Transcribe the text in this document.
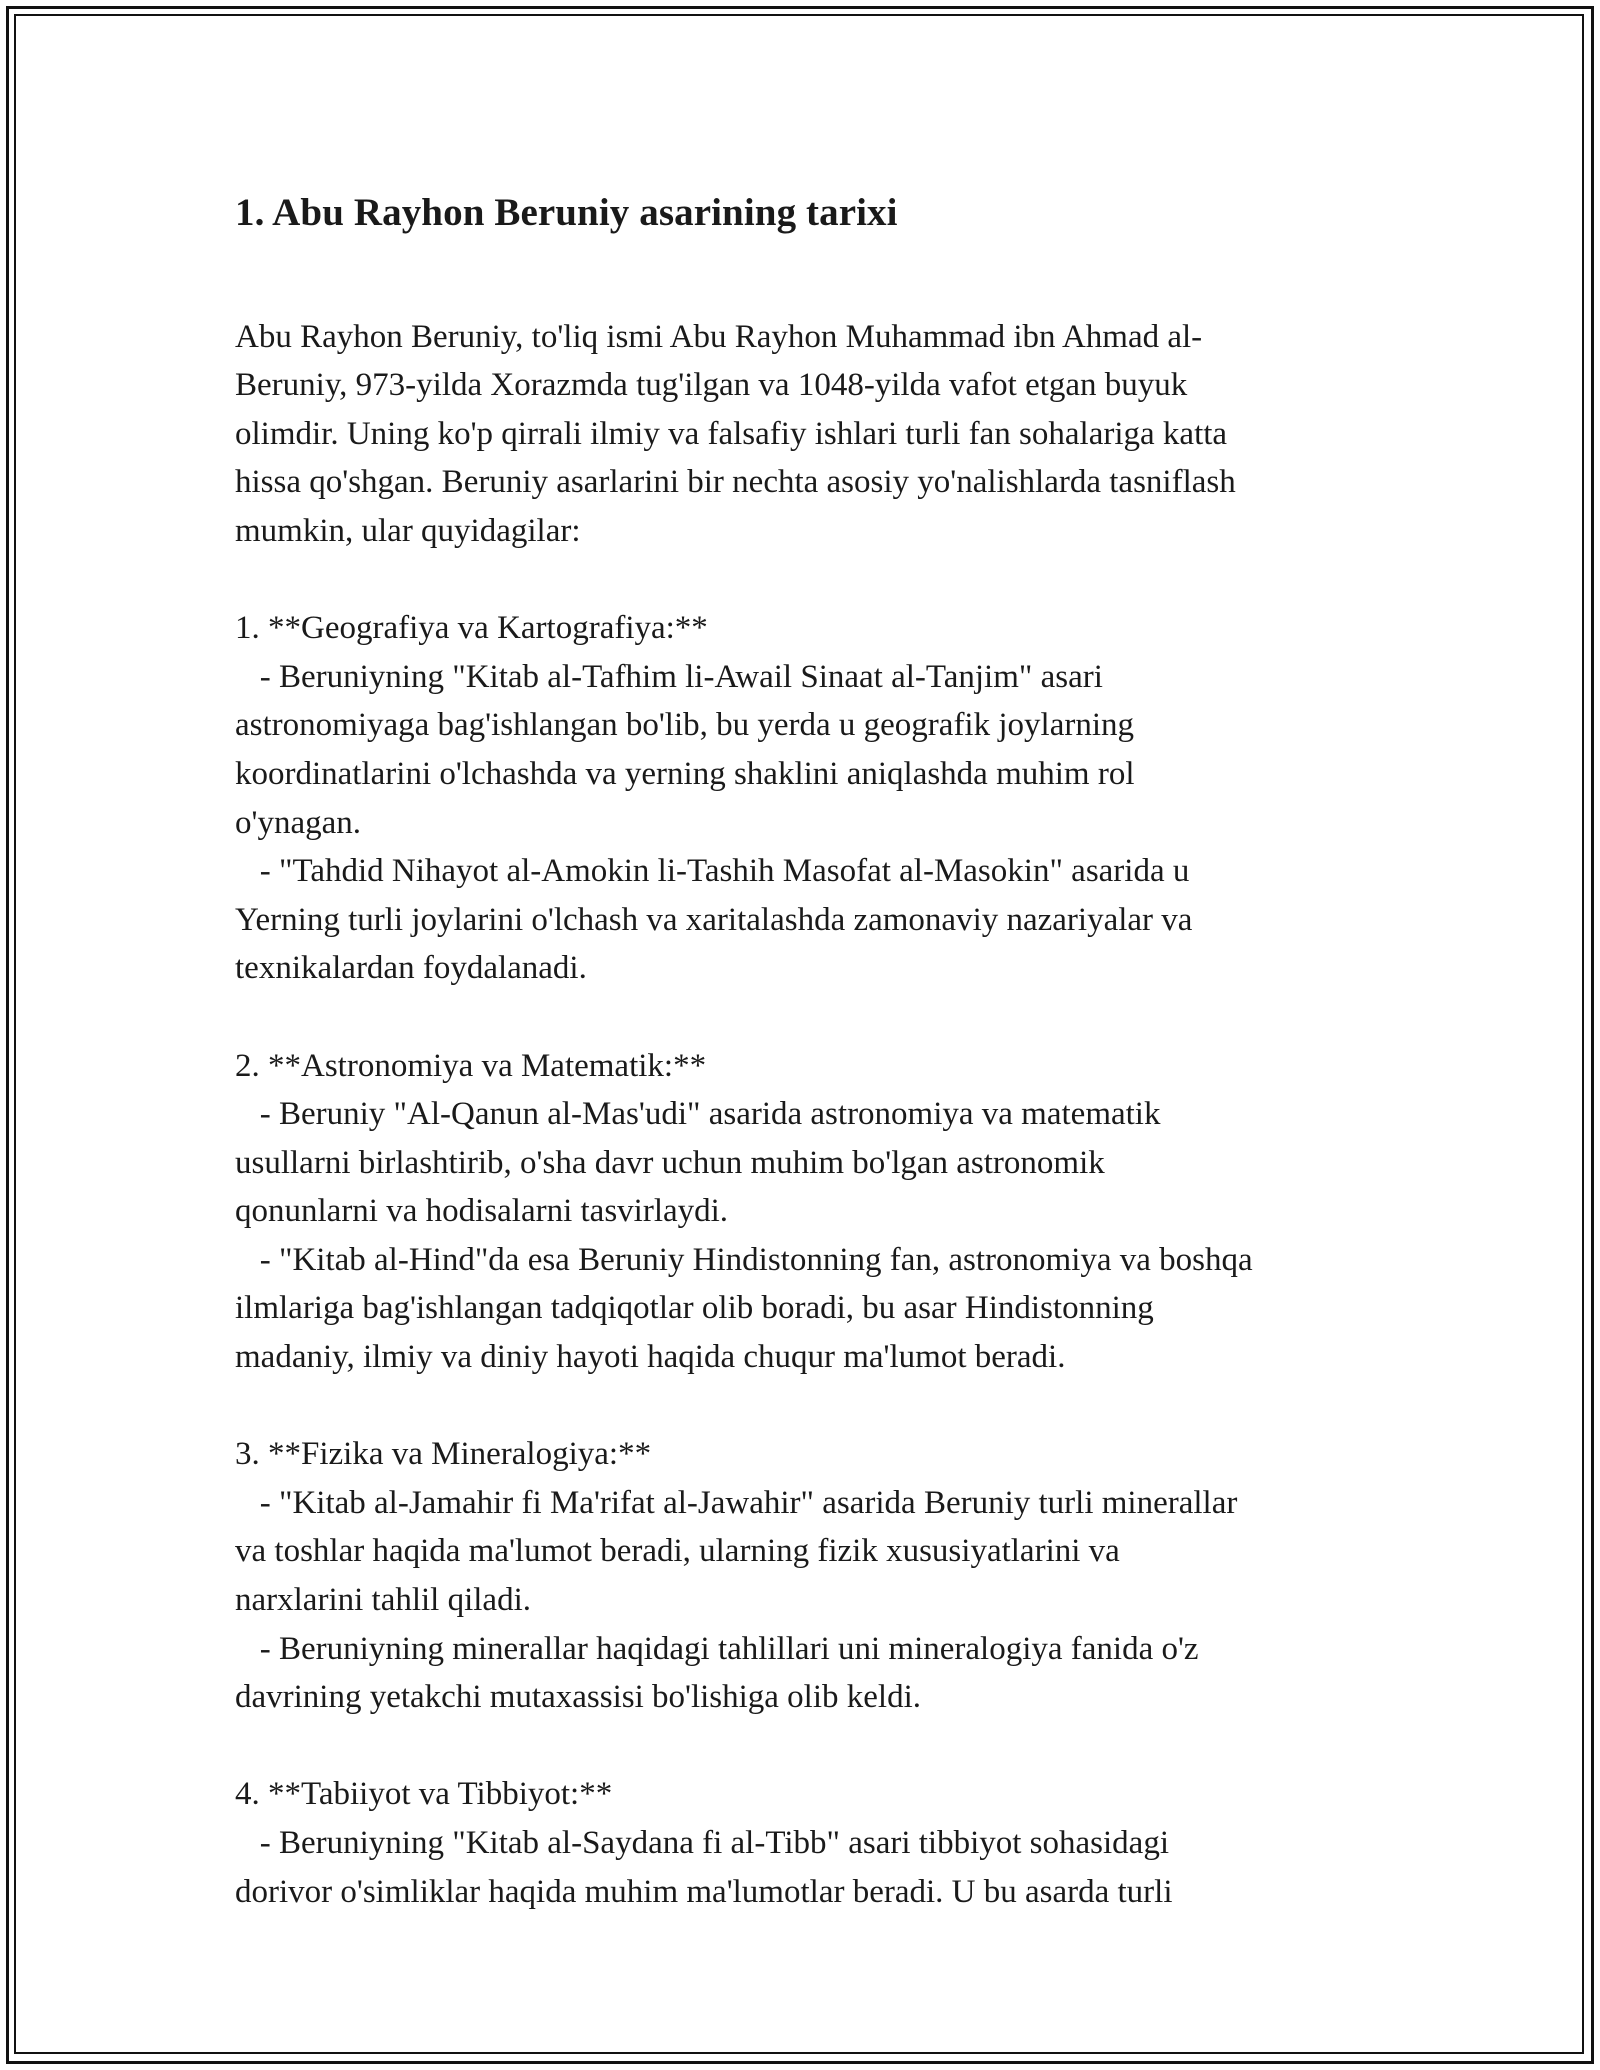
1. Abu Rayhon Beruniy asarining tarixi

Abu Rayhon Beruniy, to'liq ismi Abu Rayhon Muhammad ibn Ahmad al-
Beruniy, 973-yilda Xorazmda tug'ilgan va 1048-yilda vafot etgan buyuk
olimdir. Uning ko'p qirrali ilmiy va falsafiy ishlari turli fan sohalariga katta
hissa qo'shgan. Beruniy asarlarini bir nechta asosiy yo'nalishlarda tasniflash
mumkin, ular quyidagilar:

1. **Geografiya va Kartografiya:**
- Beruniyning "Kitab al-Tafhim li-Awail Sinaat al-Tanjim" asari
astronomiyaga bag'ishlangan bo'lib, bu yerda u geografik joylarning
koordinatlarini o'lchashda va yerning shaklini aniqlashda muhim rol
o'ynagan.
- "Tahdid Nihayot al-Amokin li-Tashih Masofat al-Masokin" asarida u
Yerning turli joylarini o'lchash va xaritalashda zamonaviy nazariyalar va
texnikalardan foydalanadi.

2. **Astronomiya va Matematik:**
- Beruniy "Al-Qanun al-Mas'udi" asarida astronomiya va matematik
usullarni birlashtirib, o'sha davr uchun muhim bo'lgan astronomik
qonunlarni va hodisalarni tasvirlaydi.
- "Kitab al-Hind"da esa Beruniy Hindistonning fan, astronomiya va boshqa
ilmlariga bag'ishlangan tadqiqotlar olib boradi, bu asar Hindistonning
madaniy, ilmiy va diniy hayoti haqida chuqur ma'lumot beradi.

3. **Fizika va Mineralogiya:**
- "Kitab al-Jamahir fi Ma'rifat al-Jawahir" asarida Beruniy turli minerallar
va toshlar haqida ma'lumot beradi, ularning fizik xususiyatlarini va
narxlarini tahlil qiladi.
- Beruniyning minerallar haqidagi tahlillari uni mineralogiya fanida o'z
davrining yetakchi mutaxassisi bo'lishiga olib keldi.

4. **Tabiiyot va Tibbiyot:**
- Beruniyning "Kitab al-Saydana fi al-Tibb" asari tibbiyot sohasidagi
dorivor o'simliklar haqida muhim ma'lumotlar beradi. U bu asarda turli
